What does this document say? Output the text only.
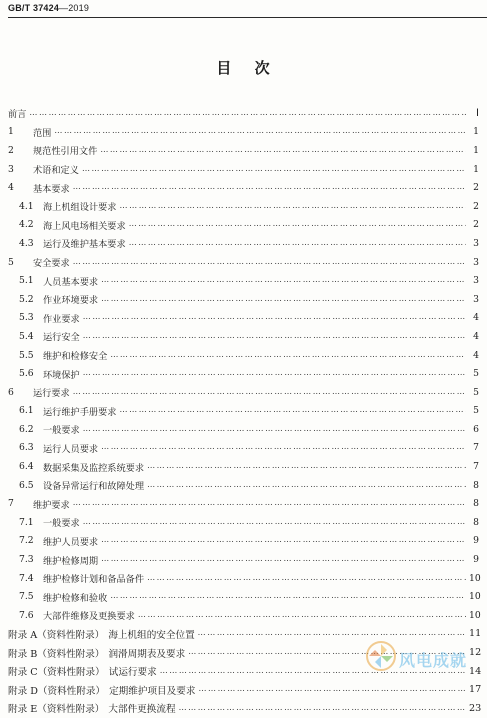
GB/T 37424—2019
目 次
前言 …………………………………………………………………………………………………………………………………	Ⅰ
1	范围 …………………………………………………………………………………………………………………………………	1
2	规范性引用文件 …………………………………………………………………………………………………………………………………	1
3	术语和定义 …………………………………………………………………………………………………………………………………	1
4	基本要求 …………………………………………………………………………………………………………………………………	2
4.1	海上机组设计要求 …………………………………………………………………………………………………………………………………	2
4.2	海上风电场相关要求 …………………………………………………………………………………………………………………………………	2
4.3	运行及维护基本要求 …………………………………………………………………………………………………………………………………	3
5	安全要求 …………………………………………………………………………………………………………………………………	3
5.1	人员基本要求 …………………………………………………………………………………………………………………………………	3
5.2	作业环境要求 …………………………………………………………………………………………………………………………………	3
5.3	作业要求 …………………………………………………………………………………………………………………………………	4
5.4	运行安全 …………………………………………………………………………………………………………………………………	4
5.5	维护和检修安全 …………………………………………………………………………………………………………………………………	4
5.6	环境保护 …………………………………………………………………………………………………………………………………	5
6	运行要求 …………………………………………………………………………………………………………………………………	5
6.1	运行维护手册要求 …………………………………………………………………………………………………………………………………	5
6.2	一般要求 …………………………………………………………………………………………………………………………………	6
6.3	运行人员要求 …………………………………………………………………………………………………………………………………	7
6.4	数据采集及监控系统要求 …………………………………………………………………………………………………………………………………	7
6.5	设备异常运行和故障处理 …………………………………………………………………………………………………………………………………	8
7	维护要求 …………………………………………………………………………………………………………………………………	8
7.1	一般要求 …………………………………………………………………………………………………………………………………	8
7.2	维护人员要求 …………………………………………………………………………………………………………………………………	9
7.3	维护检修周期 …………………………………………………………………………………………………………………………………	9
7.4	维护检修计划和备品备件 …………………………………………………………………………………………………………………………………	10
7.5	维护检修和验收 …………………………………………………………………………………………………………………………………	10
7.6	大部件维修及更换要求 …………………………………………………………………………………………………………………………………	10
附录 A（资料性附录） 海上机组的安全位置 …………………………………………………………………………………………………………………………………	11
附录 B（资料性附录） 润滑周期表及要求 …………………………………………………………………………………………………………………………………	12
附录 C（资料性附录） 试运行要求 …………………………………………………………………………………………………………………………………	14
附录 D（资料性附录） 定期维护项目及要求 …………………………………………………………………………………………………………………………………	17
附录 E（资料性附录） 大部件更换流程 …………………………………………………………………………………………………………………………………	23
风电成就
